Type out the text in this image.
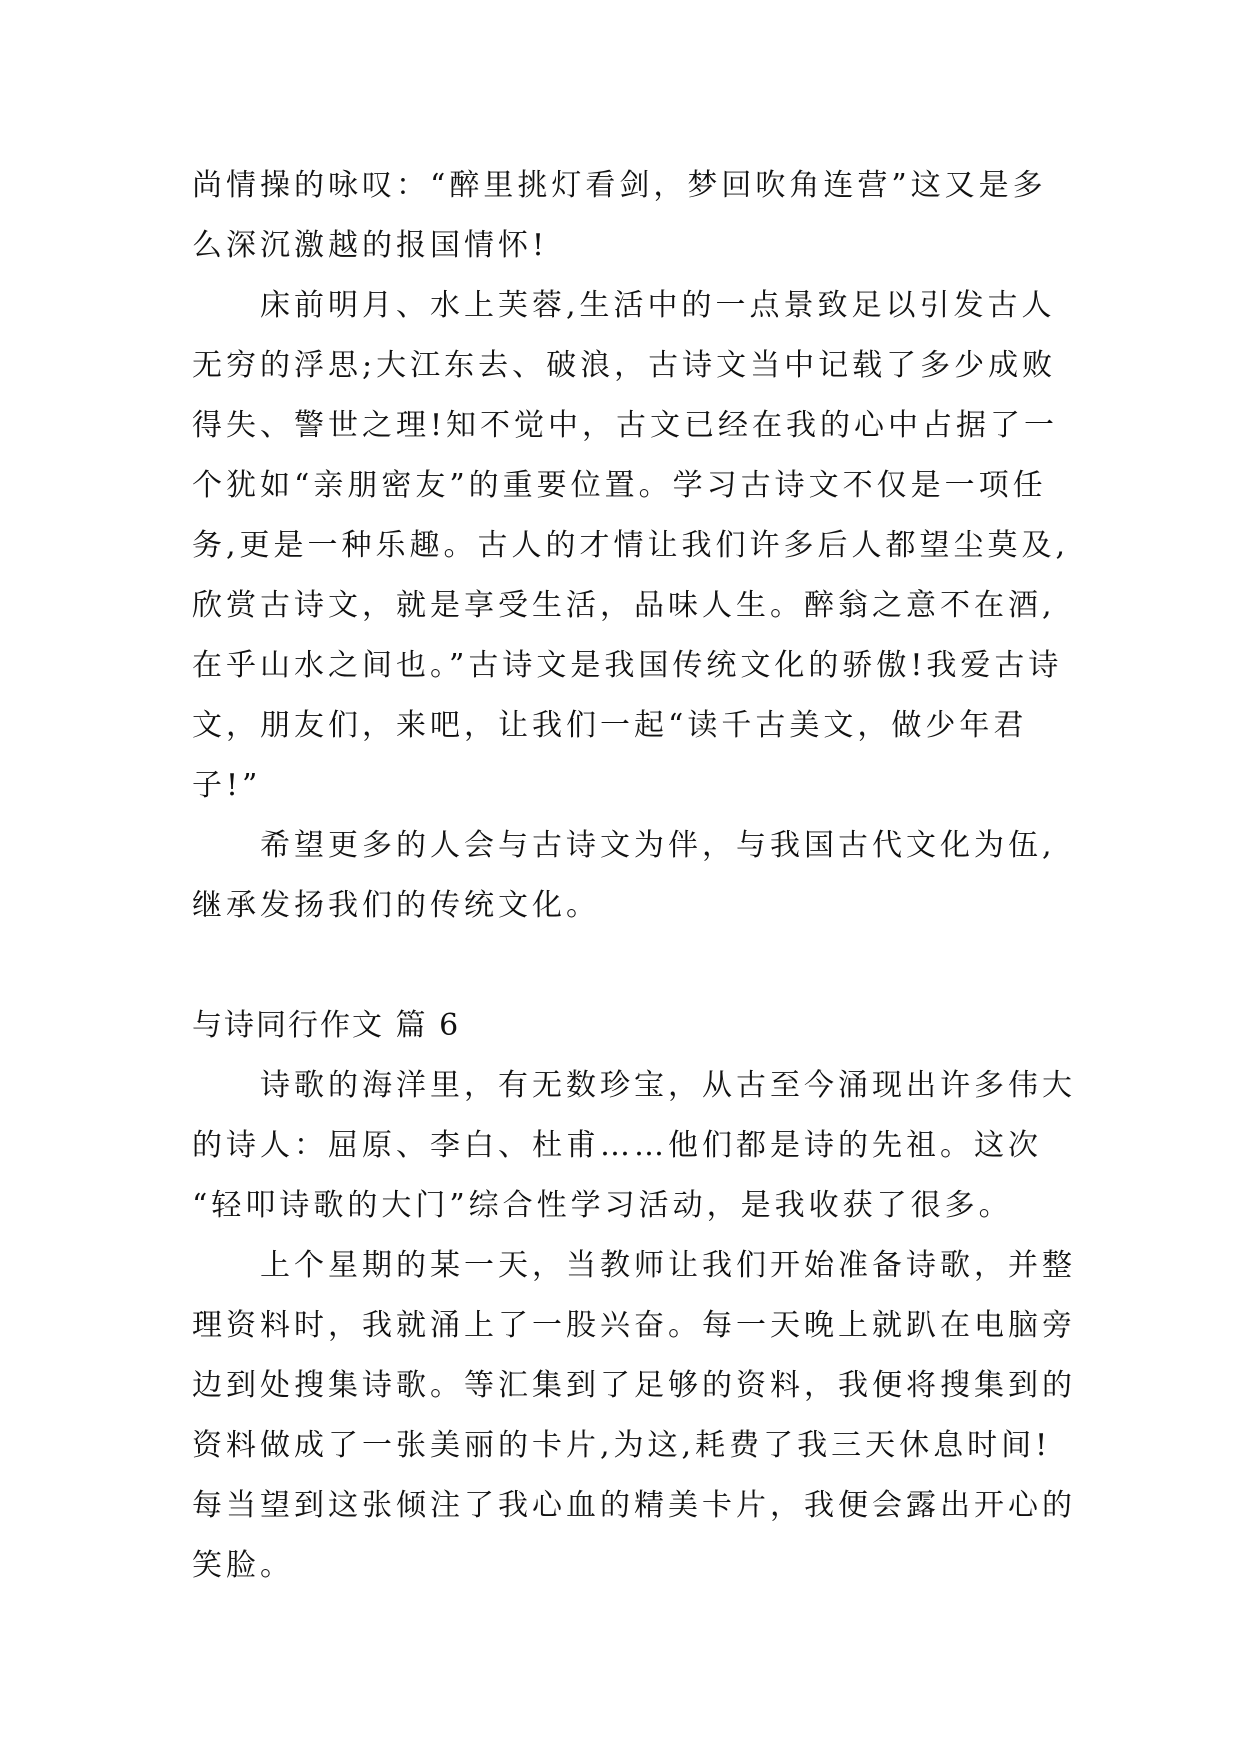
尚情操的咏叹：“醉里挑灯看剑，梦回吹角连营”这又是多
么深沉激越的报国情怀!
床前明月、水上芙蓉,生活中的一点景致足以引发古人
无穷的浮思;大江东去、破浪，古诗文当中记载了多少成败
得失、警世之理!知不觉中，古文已经在我的心中占据了一
个犹如“亲朋密友”的重要位置。学习古诗文不仅是一项任
务,更是一种乐趣。古人的才情让我们许多后人都望尘莫及,
欣赏古诗文，就是享受生活，品味人生。醉翁之意不在酒,
在乎山水之间也。”古诗文是我国传统文化的骄傲!我爱古诗
文，朋友们，来吧，让我们一起“读千古美文，做少年君
子!”
希望更多的人会与古诗文为伴，与我国古代文化为伍,
继承发扬我们的传统文化。
与诗同行作文 篇 6
诗歌的海洋里，有无数珍宝，从古至今涌现出许多伟大
的诗人：屈原、李白、杜甫……他们都是诗的先祖。这次
“轻叩诗歌的大门”综合性学习活动，是我收获了很多。
上个星期的某一天，当教师让我们开始准备诗歌，并整
理资料时，我就涌上了一股兴奋。每一天晚上就趴在电脑旁
边到处搜集诗歌。等汇集到了足够的资料，我便将搜集到的
资料做成了一张美丽的卡片,为这,耗费了我三天休息时间!
每当望到这张倾注了我心血的精美卡片，我便会露出开心的
笑脸。
